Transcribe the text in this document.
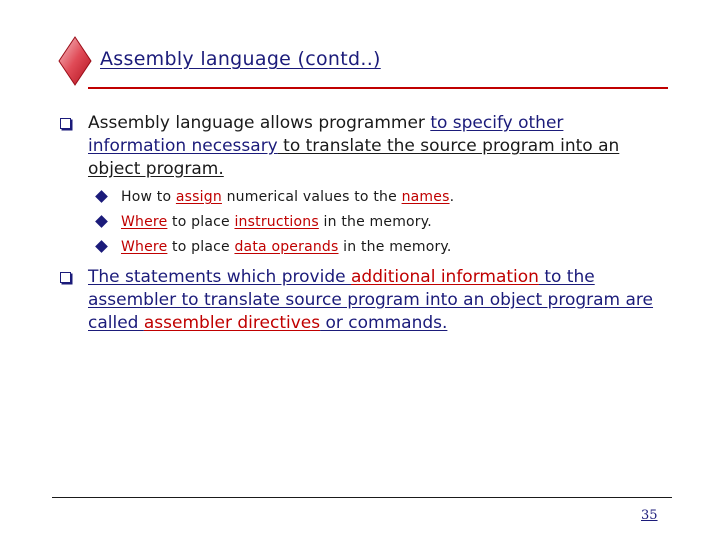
Assembly language (contd..)
Assembly language allows programmer to specify other information necessary to translate the source program into an object program.
How to assign numerical values to the names.
Where to place instructions in the memory.
Where to place data operands in the memory.
The statements which provide additional information to the assembler to translate source program into an object program are called assembler directives or commands.
35
